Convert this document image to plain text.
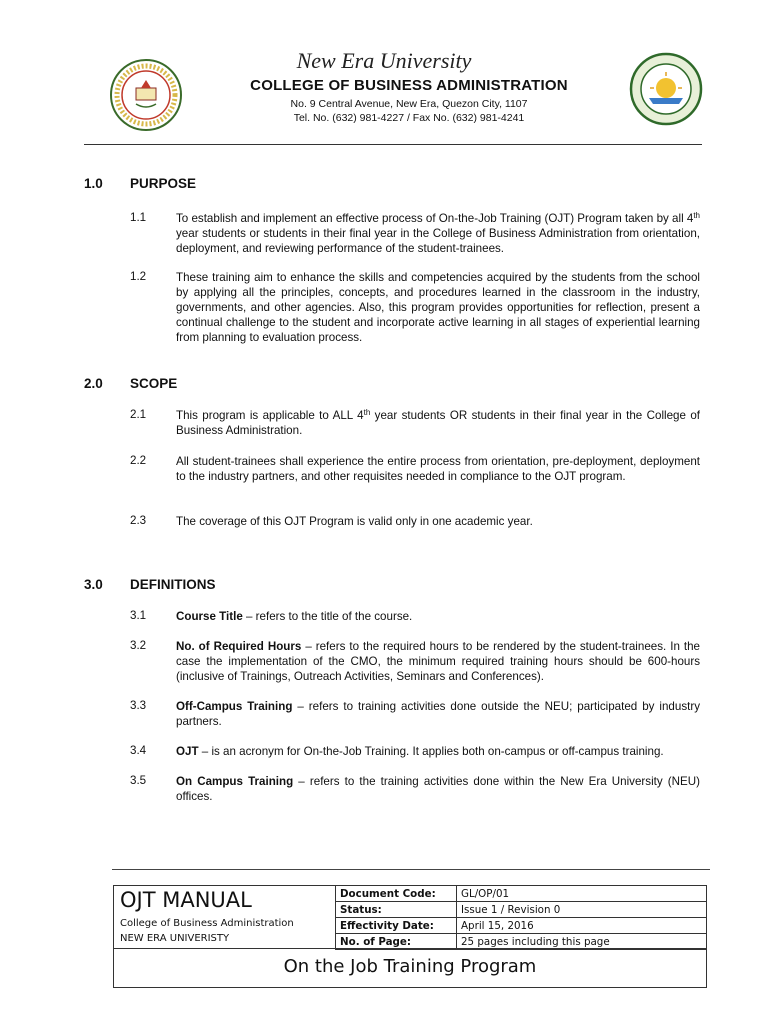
New Era University
COLLEGE OF BUSINESS ADMINISTRATION
No. 9 Central Avenue, New Era, Quezon City, 1107
Tel. No. (632) 981-4227 / Fax No. (632) 981-4241
1.0 PURPOSE
1.1	To establish and implement an effective process of On-the-Job Training (OJT) Program taken by all 4th year students or students in their final year in the College of Business Administration from orientation, deployment, and reviewing performance of the student-trainees.
1.2	These training aim to enhance the skills and competencies acquired by the students from the school by applying all the principles, concepts, and procedures learned in the classroom in the industry, governments, and other agencies. Also, this program provides opportunities for reflection, present a continual challenge to the student and incorporate active learning in all stages of experiential learning from planning to evaluation process.
2.0 SCOPE
2.1	This program is applicable to ALL 4th year students OR students in their final year in the College of Business Administration.
2.2	All student-trainees shall experience the entire process from orientation, pre-deployment, deployment to the industry partners, and other requisites needed in compliance to the OJT program.
2.3	The coverage of this OJT Program is valid only in one academic year.
3.0 DEFINITIONS
3.1	Course Title – refers to the title of the course.
3.2	No. of Required Hours – refers to the required hours to be rendered by the student-trainees. In the case the implementation of the CMO, the minimum required training hours should be 600-hours (inclusive of Trainings, Outreach Activities, Seminars and Conferences).
3.3	Off-Campus Training – refers to training activities done outside the NEU; participated by industry partners.
3.4	OJT – is an acronym for On-the-Job Training. It applies both on-campus or off-campus training.
3.5	On Campus Training – refers to the training activities done within the New Era University (NEU) offices.
OJT MANUAL
College of Business Administration
NEW ERA UNIVERISTY
Document Code:	GL/OP/01
Status:	Issue 1 / Revision 0
Effectivity Date:	April 15, 2016
No. of Page:	25 pages including this page
On the Job Training Program
